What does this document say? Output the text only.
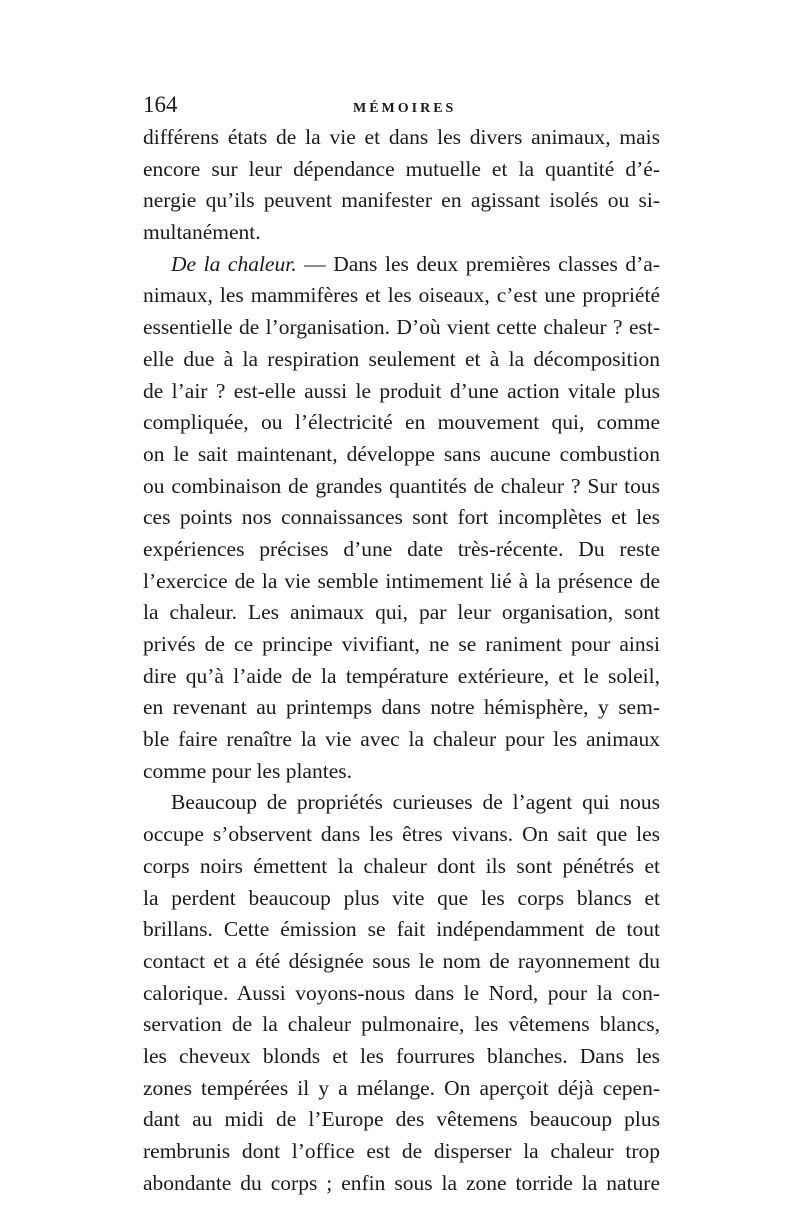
164	MÉMOIRES
différens états de la vie et dans les divers animaux, mais
encore sur leur dépendance mutuelle et la quantité d’é-
nergie qu’ils peuvent manifester en agissant isolés ou si-
multanément.
De la chaleur. — Dans les deux premières classes d’a-
nimaux, les mammifères et les oiseaux, c’est une propriété
essentielle de l’organisation. D’où vient cette chaleur ? est-
elle due à la respiration seulement et à la décomposition
de l’air ? est-elle aussi le produit d’une action vitale plus
compliquée, ou l’électricité en mouvement qui, comme
on le sait maintenant, développe sans aucune combustion
ou combinaison de grandes quantités de chaleur ? Sur tous
ces points nos connaissances sont fort incomplètes et les
expériences précises d’une date très-récente. Du reste
l’exercice de la vie semble intimement lié à la présence de
la chaleur. Les animaux qui, par leur organisation, sont
privés de ce principe vivifiant, ne se raniment pour ainsi
dire qu’à l’aide de la température extérieure, et le soleil,
en revenant au printemps dans notre hémisphère, y sem-
ble faire renaître la vie avec la chaleur pour les animaux
comme pour les plantes.
Beaucoup de propriétés curieuses de l’agent qui nous
occupe s’observent dans les êtres vivans. On sait que les
corps noirs émettent la chaleur dont ils sont pénétrés et
la perdent beaucoup plus vite que les corps blancs et
brillans. Cette émission se fait indépendamment de tout
contact et a été désignée sous le nom de rayonnement du
calorique. Aussi voyons-nous dans le Nord, pour la con-
servation de la chaleur pulmonaire, les vêtemens blancs,
les cheveux blonds et les fourrures blanches. Dans les
zones tempérées il y a mélange. On aperçoit déjà cepen-
dant au midi de l’Europe des vêtemens beaucoup plus
rembrunis dont l’office est de disperser la chaleur trop
abondante du corps ; enfin sous la zone torride la nature
